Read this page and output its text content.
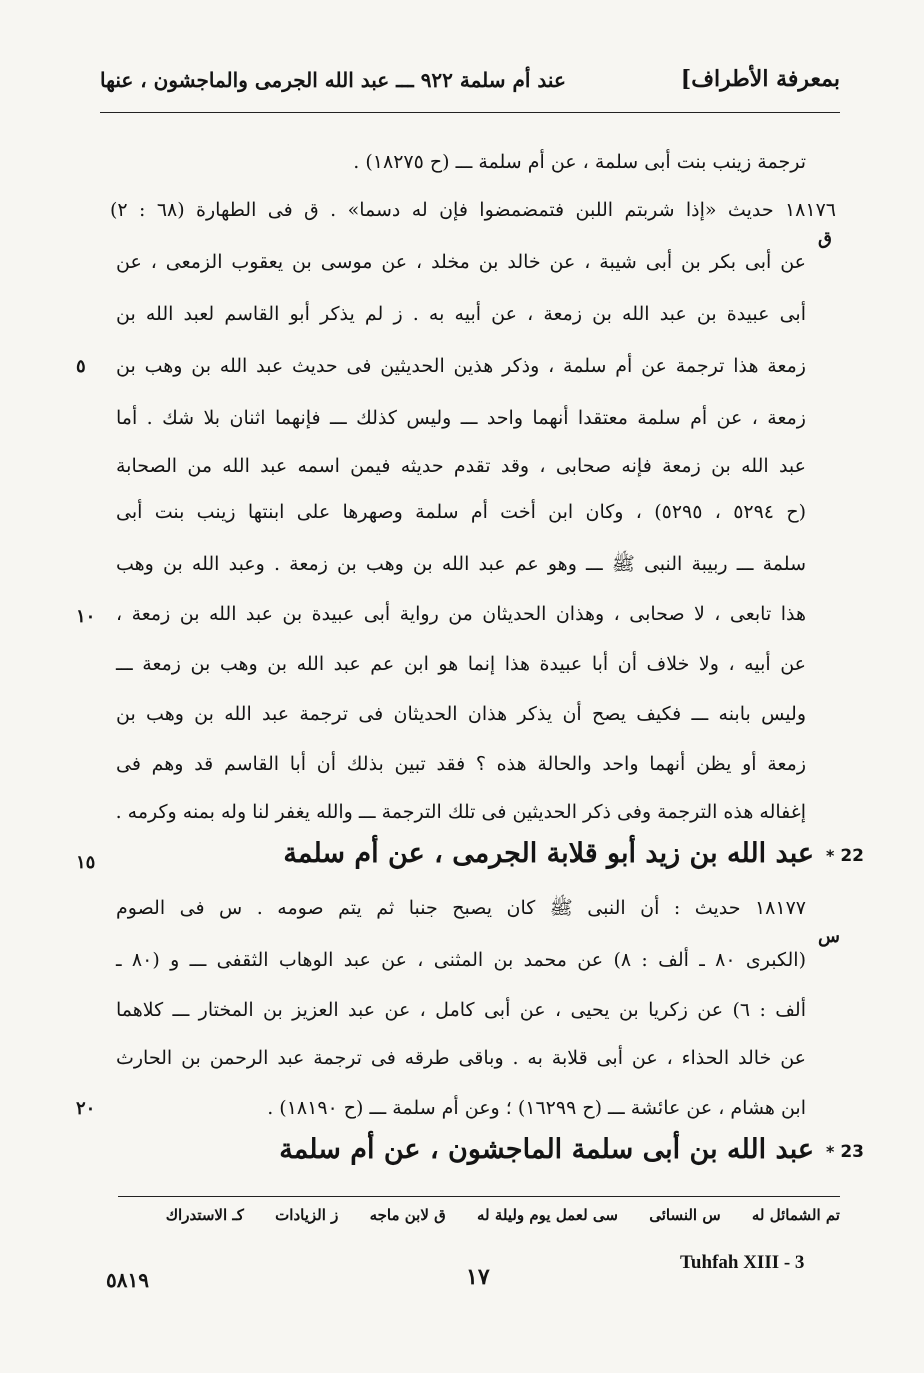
بمعرفة الأطراف]
عند أم سلمة ٩٢٢ ـــ عبد الله الجرمى والماجشون ، عنها
ترجمة زينب بنت أبى سلمة ، عن أم سلمة ـــ (ح ١٨٢٧٥) .
١٨١٧٦ حديث «إذا شربتم اللبن فتمضمضوا فإن له دسما» . ق فى الطهارة (٦٨ : ٢)
عن أبى بكر بن أبى شيبة ، عن خالد بن مخلد ، عن موسى بن يعقوب الزمعى ، عن
أبى عبيدة بن عبد الله بن زمعة ، عن أبيه به . ز لم يذكر أبو القاسم لعبد الله بن
زمعة هذا ترجمة عن أم سلمة ، وذكر هذين الحديثين فى حديث عبد الله بن وهب بن
زمعة ، عن أم سلمة معتقدا أنهما واحد ـــ وليس كذلك ـــ فإنهما اثنان بلا شك . أما
عبد الله بن زمعة فإنه صحابى ، وقد تقدم حديثه فيمن اسمه عبد الله من الصحابة
(ح ٥٢٩٤ ، ٥٢٩٥) ، وكان ابن أخت أم سلمة وصهرها على ابنتها زينب بنت أبى
سلمة ـــ ربيبة النبى ﷺ ـــ وهو عم عبد الله بن وهب بن زمعة . وعبد الله بن وهب
هذا تابعى ، لا صحابى ، وهذان الحديثان من رواية أبى عبيدة بن عبد الله بن زمعة ،
عن أبيه ، ولا خلاف أن أبا عبيدة هذا إنما هو ابن عم عبد الله بن وهب بن زمعة ـــ
وليس بابنه ـــ فكيف يصح أن يذكر هذان الحديثان فى ترجمة عبد الله بن وهب بن
زمعة أو يظن أنهما واحد والحالة هذه ؟ فقد تبين بذلك أن أبا القاسم قد وهم فى
إغفاله هذه الترجمة وفى ذكر الحديثين فى تلك الترجمة ـــ والله يغفر لنا وله بمنه وكرمه .
* 22
عبد الله بن زيد أبو قلابة الجرمى ، عن أم سلمة
١٨١٧٧ حديث : أن النبى ﷺ كان يصبح جنبا ثم يتم صومه . س فى الصوم
(الكبرى ٨٠ ـ ألف : ٨) عن محمد بن المثنى ، عن عبد الوهاب الثقفى ـــ و (٨٠ ـ
ألف : ٦) عن زكريا بن يحيى ، عن أبى كامل ، عن عبد العزيز بن المختار ـــ كلاهما
عن خالد الحذاء ، عن أبى قلابة به . وباقى طرقه فى ترجمة عبد الرحمن بن الحارث
ابن هشام ، عن عائشة ـــ (ح ١٦٢٩٩) ؛ وعن أم سلمة ـــ (ح ١٨١٩٠) .
* 23
عبد الله بن أبى سلمة الماجشون ، عن أم سلمة
ق
س
٥
١٠
١٥
٢٠
تم الشمائل له س النسائى سى لعمل يوم وليلة له ق لابن ماجه ز الزيادات كـ الاستدراك
Tuhfah XIII - 3
١٧
٥٨١٩
